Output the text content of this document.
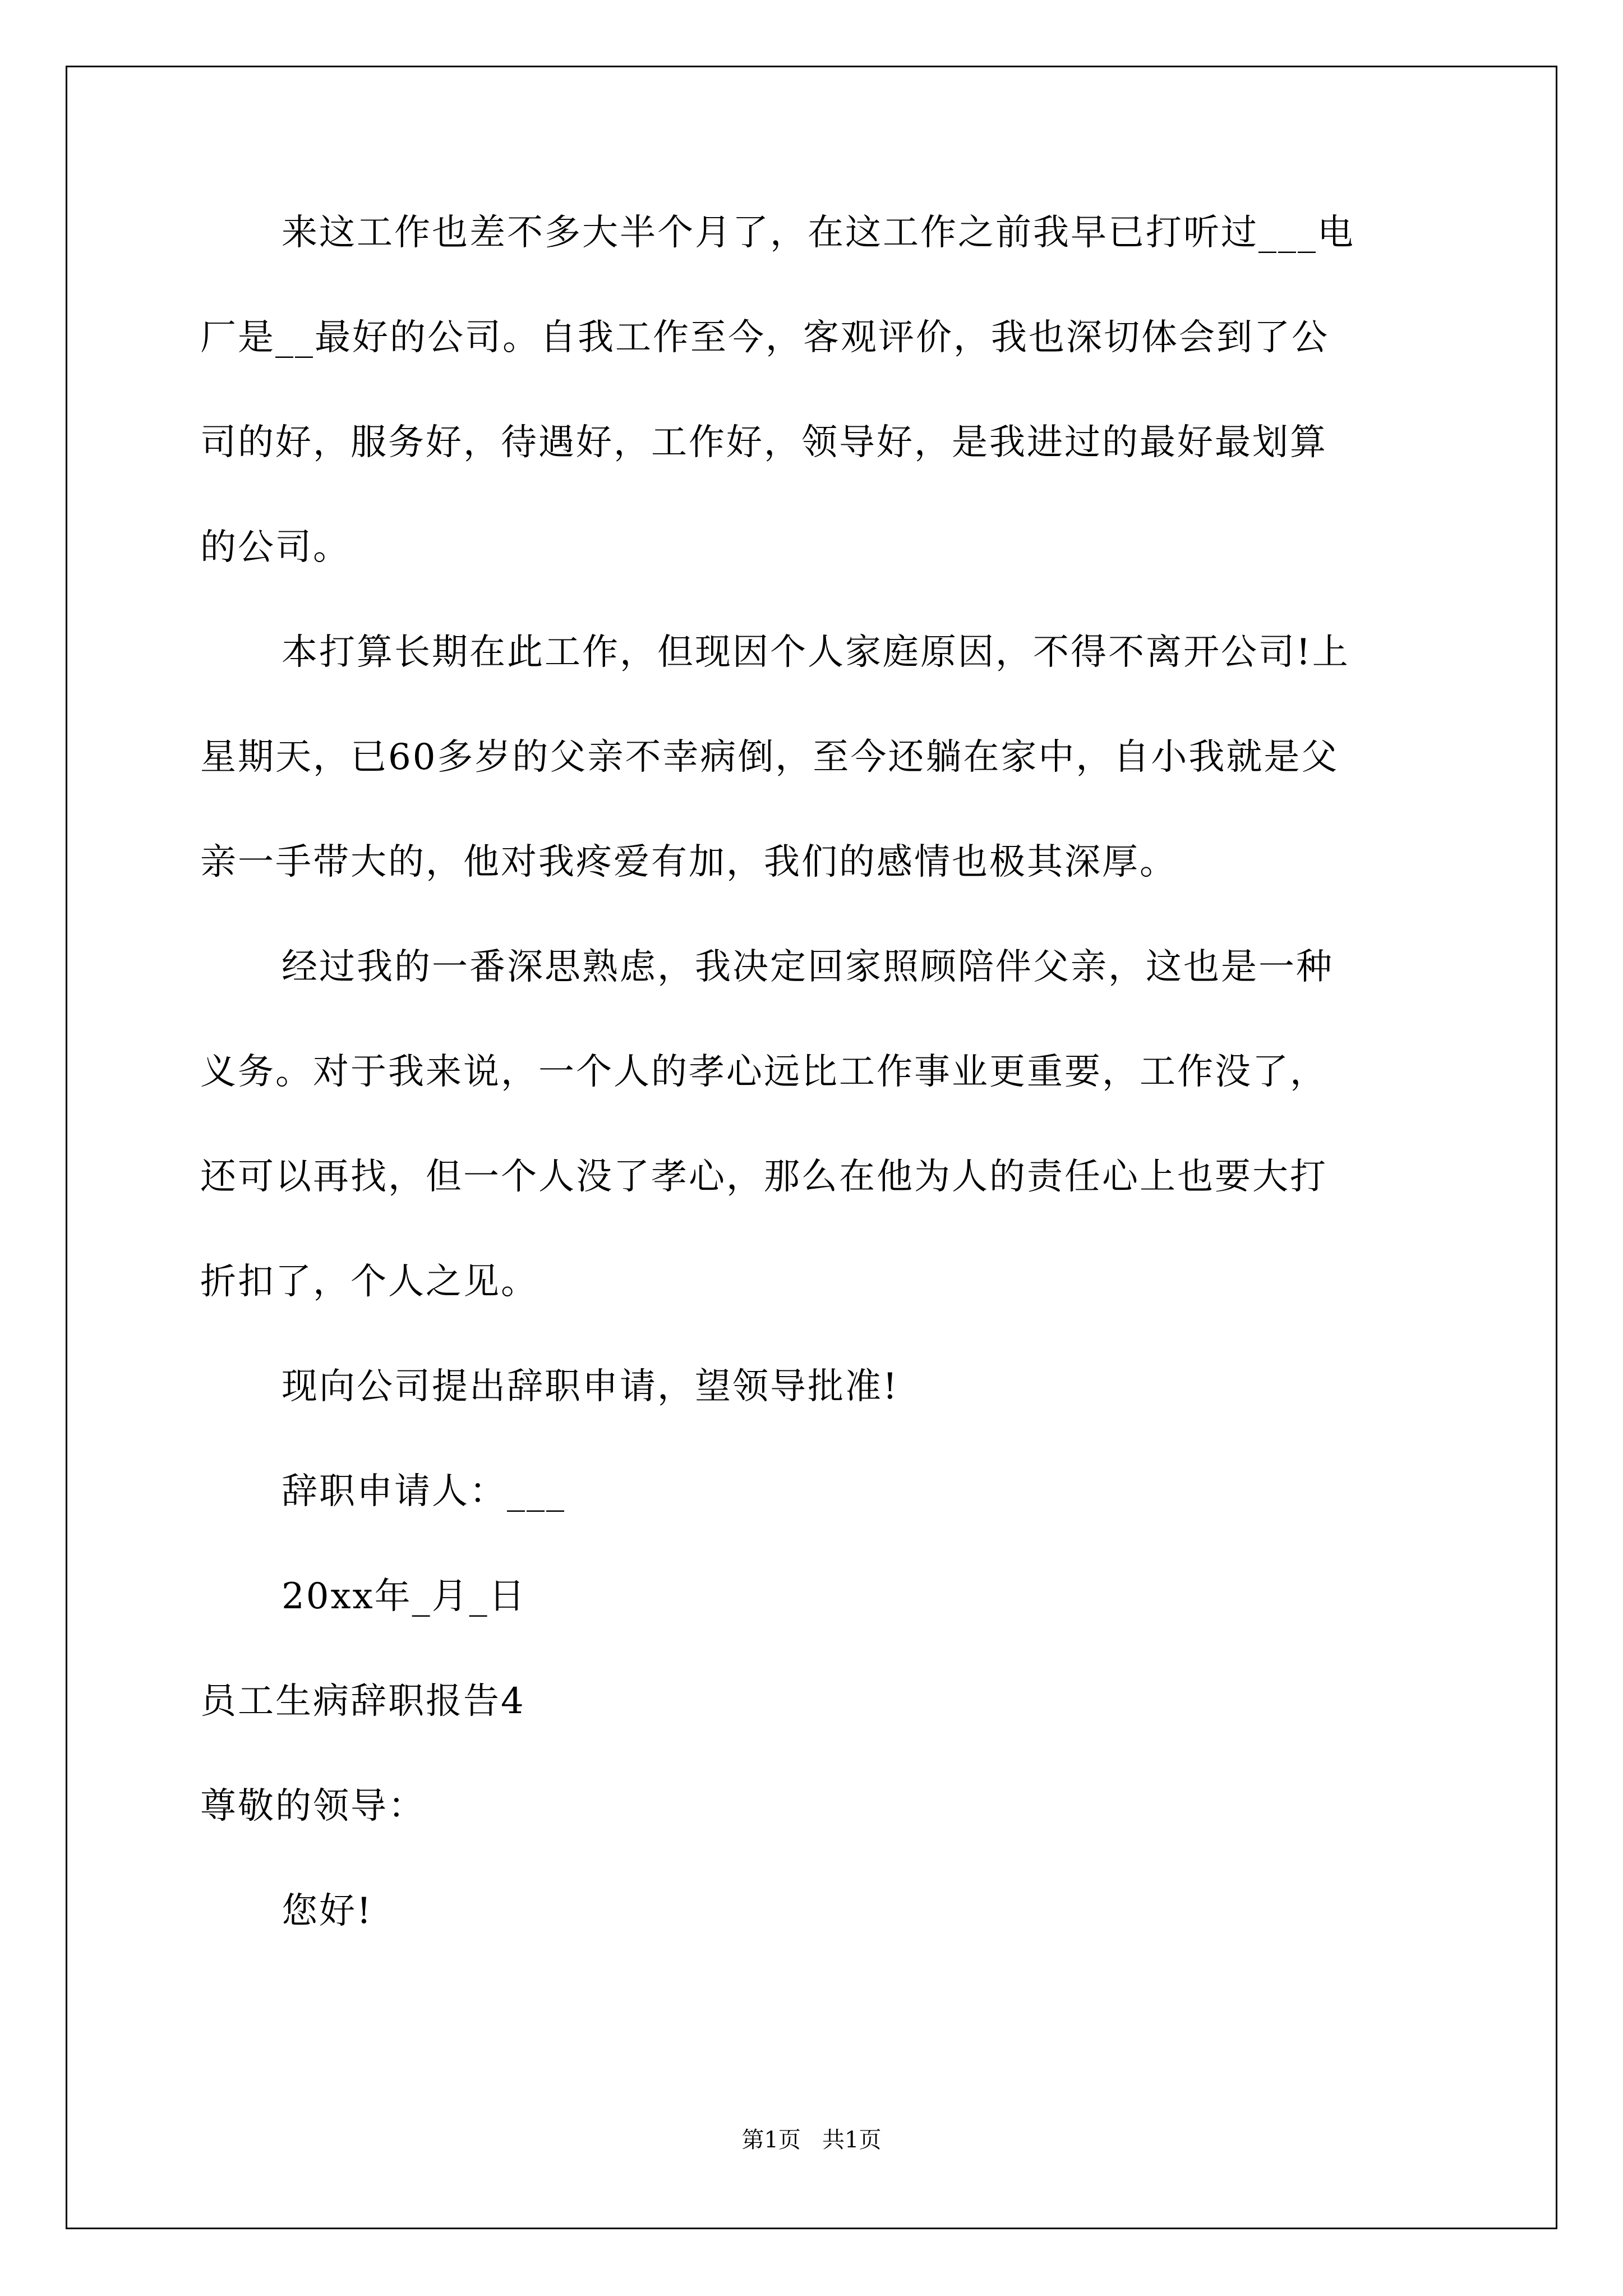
来这工作也差不多大半个月了，在这工作之前我早已打听过___电
厂是__最好的公司。自我工作至今，客观评价，我也深切体会到了公
司的好，服务好，待遇好，工作好，领导好，是我进过的最好最划算
的公司。
本打算长期在此工作，但现因个人家庭原因，不得不离开公司!上
星期天，已60多岁的父亲不幸病倒，至今还躺在家中，自小我就是父
亲一手带大的，他对我疼爱有加，我们的感情也极其深厚。
经过我的一番深思熟虑，我决定回家照顾陪伴父亲，这也是一种
义务。对于我来说，一个人的孝心远比工作事业更重要，工作没了，
还可以再找，但一个人没了孝心，那么在他为人的责任心上也要大打
折扣了，个人之见。
现向公司提出辞职申请，望领导批准!
辞职申请人：___
20xx年_月_日
员工生病辞职报告4
尊敬的领导：
您好!
第1页   共1页
